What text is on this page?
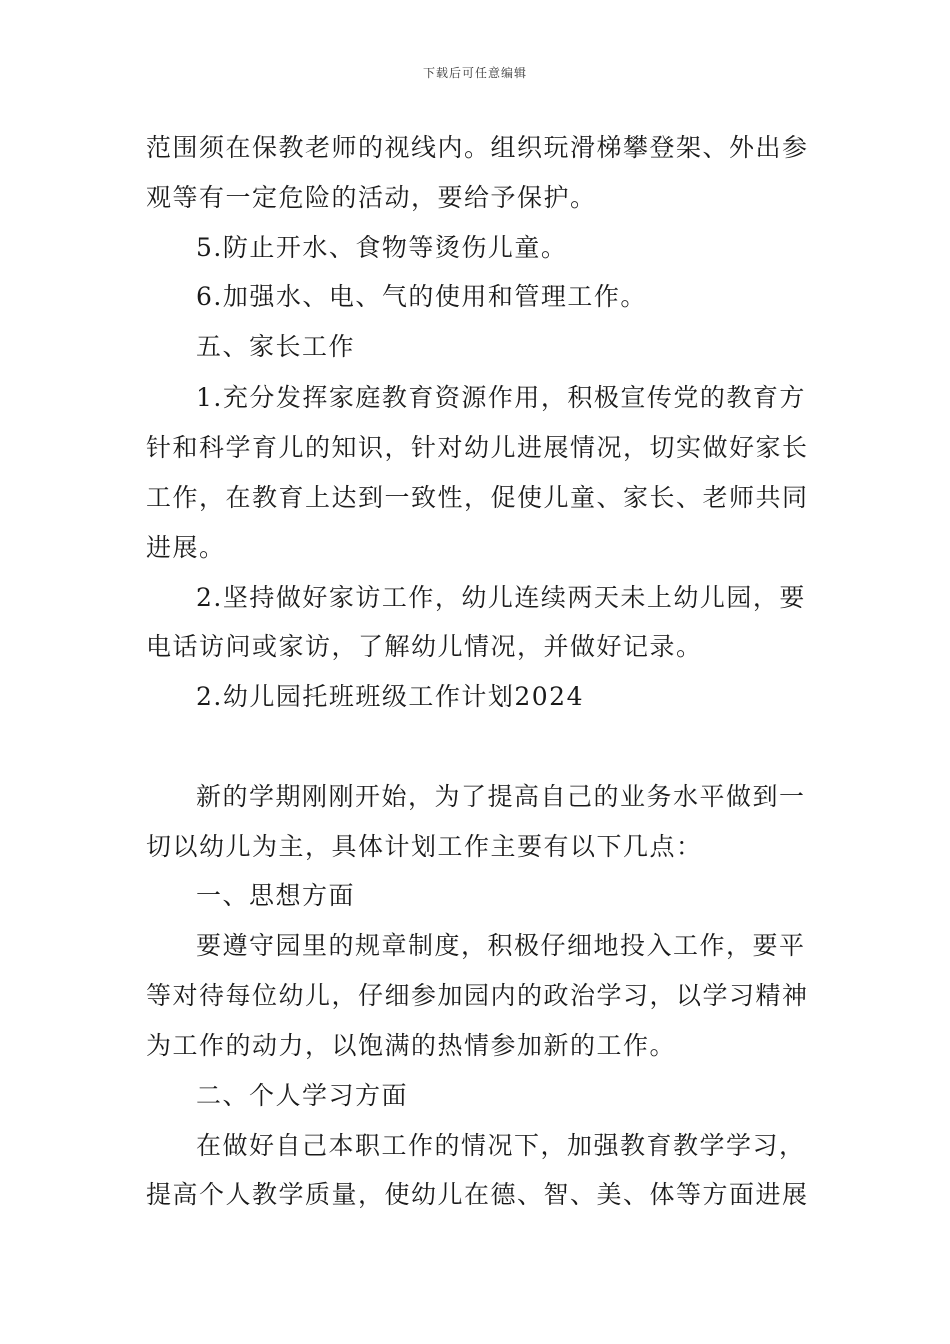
下载后可任意编辑
范围须在保教老师的视线内。组织玩滑梯攀登架、外出参
观等有一定危险的活动，要给予保护。
5.防止开水、食物等烫伤儿童。
6.加强水、电、气的使用和管理工作。
五、家长工作
1.充分发挥家庭教育资源作用，积极宣传党的教育方
针和科学育儿的知识，针对幼儿进展情况，切实做好家长
工作，在教育上达到一致性，促使儿童、家长、老师共同
进展。
2.坚持做好家访工作，幼儿连续两天未上幼儿园，要
电话访问或家访，了解幼儿情况，并做好记录。
2.幼儿园托班班级工作计划2024
新的学期刚刚开始，为了提高自己的业务水平做到一
切以幼儿为主，具体计划工作主要有以下几点：
一、思想方面
要遵守园里的规章制度，积极仔细地投入工作，要平
等对待每位幼儿，仔细参加园内的政治学习，以学习精神
为工作的动力，以饱满的热情参加新的工作。
二、个人学习方面
在做好自己本职工作的情况下，加强教育教学学习，
提高个人教学质量，使幼儿在德、智、美、体等方面进展
